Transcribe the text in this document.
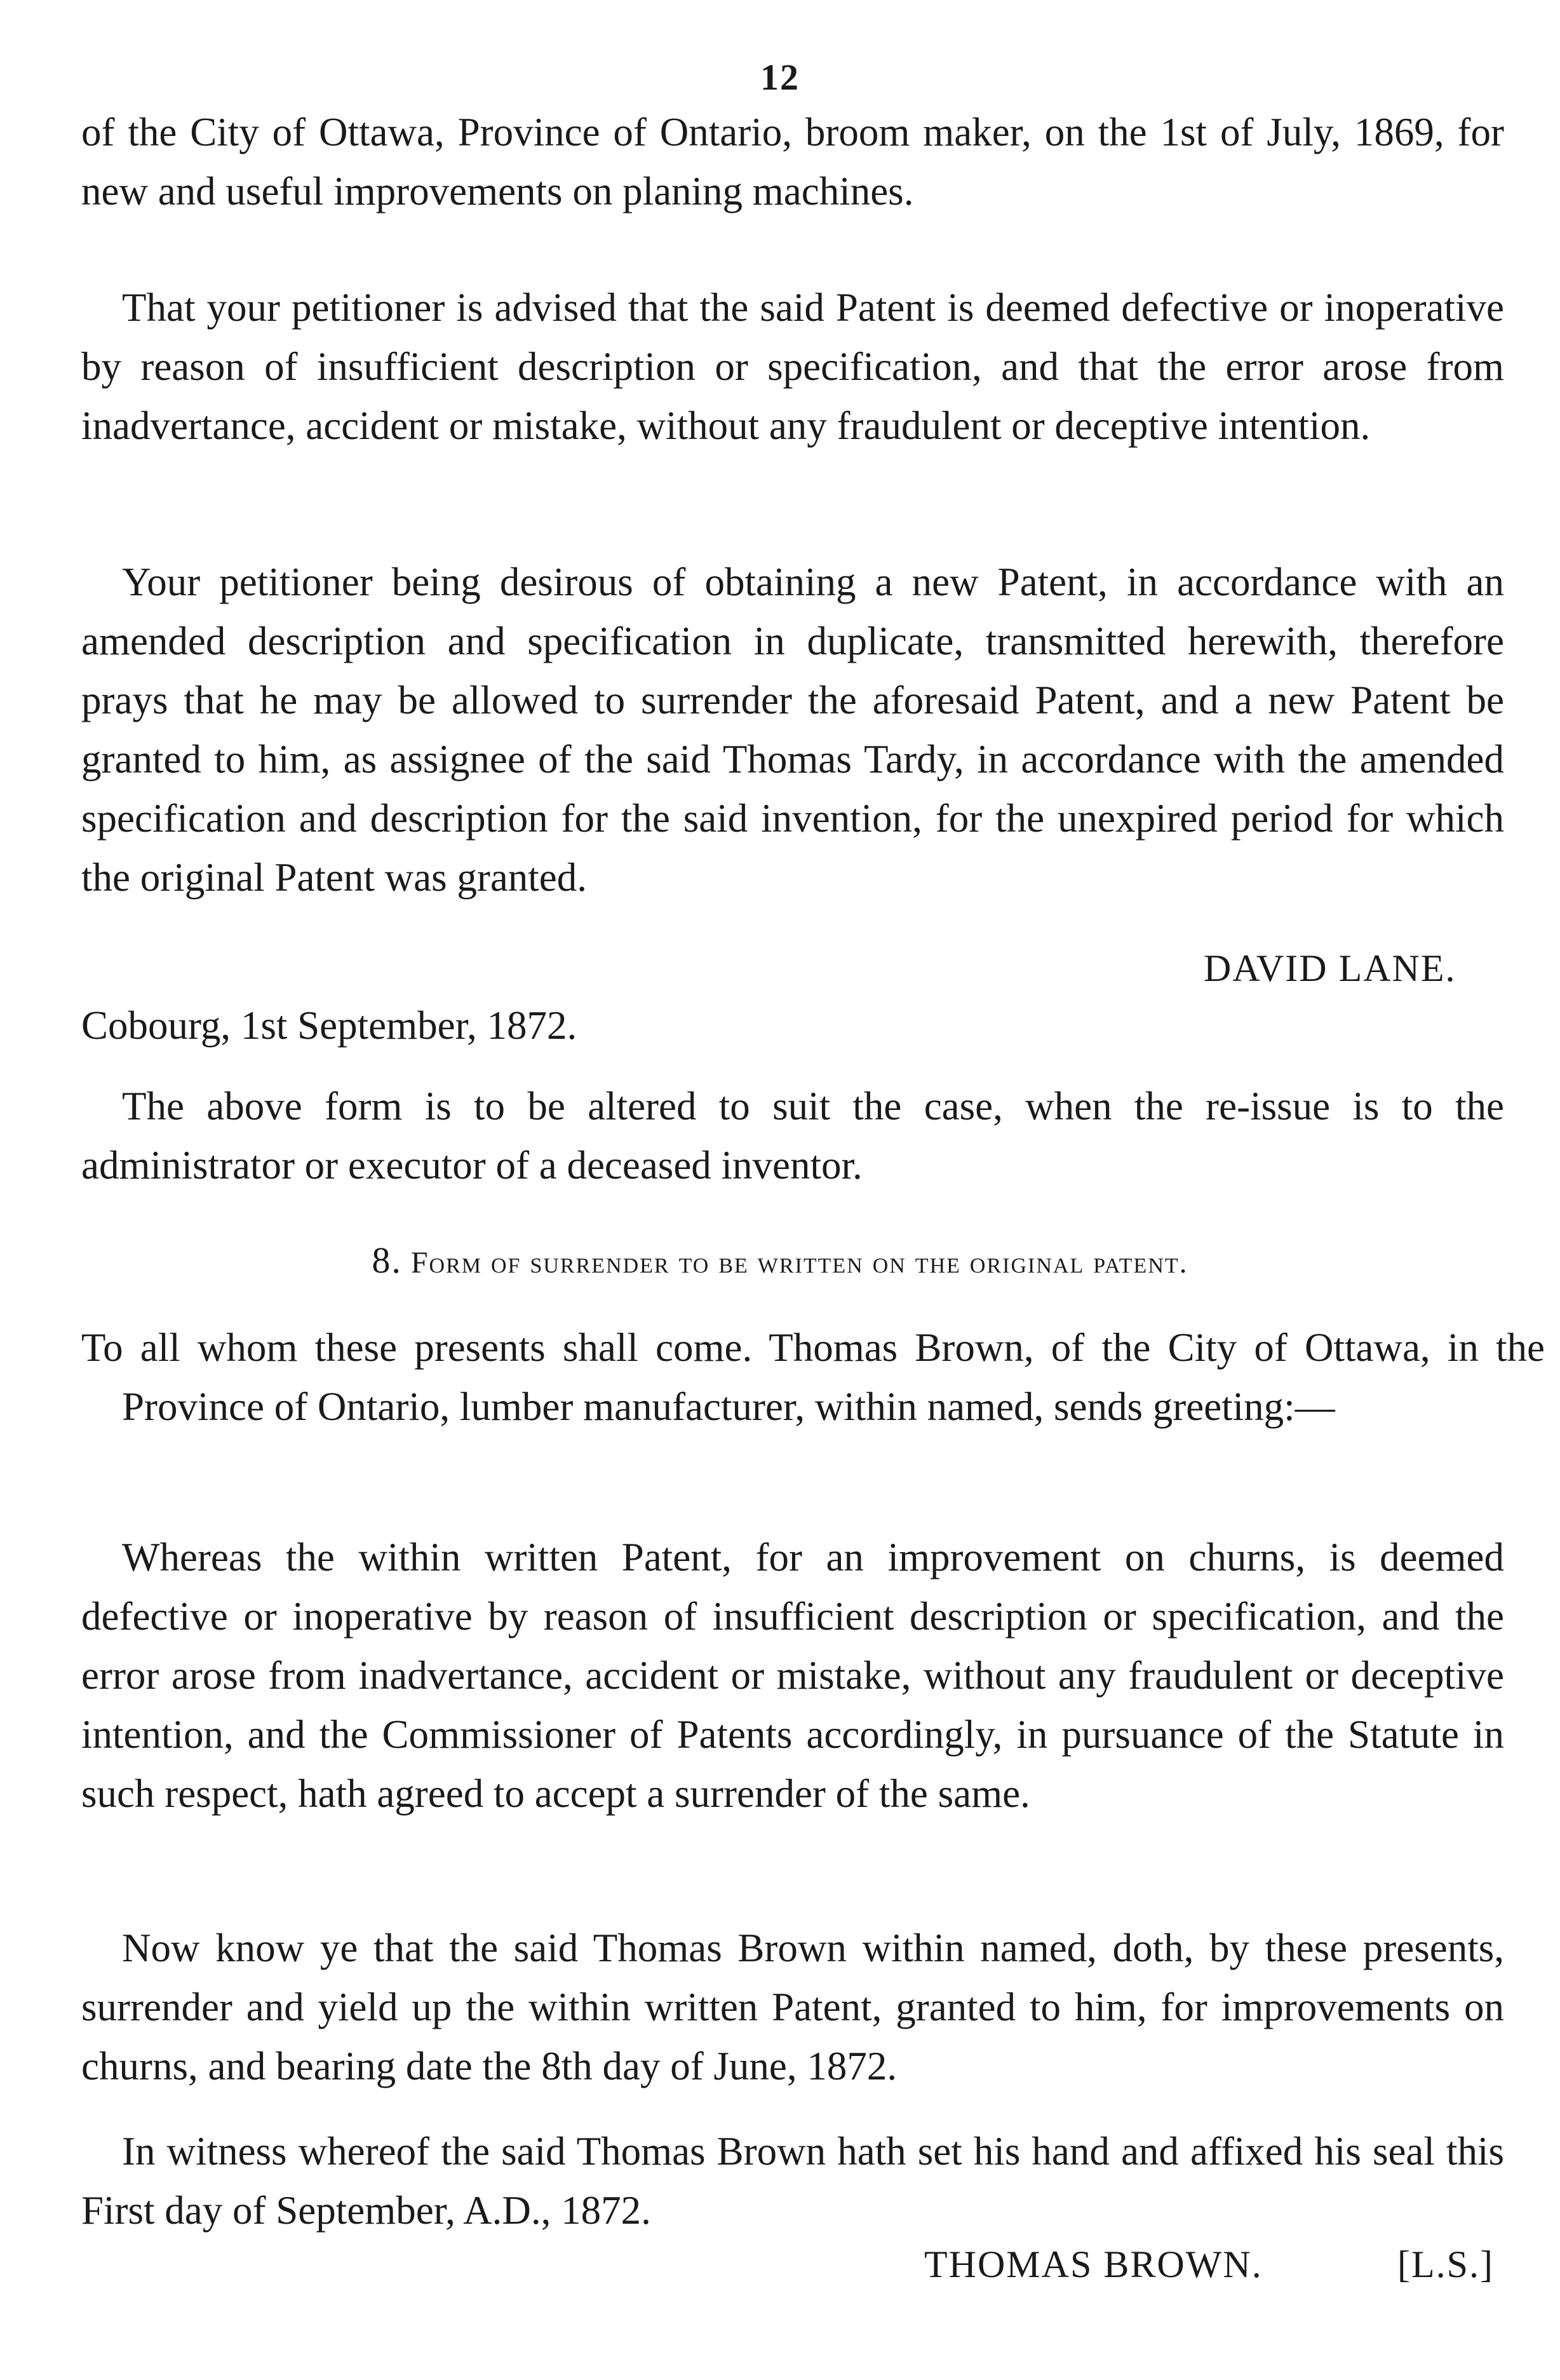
12

of the City of Ottawa, Province of Ontario, broom maker, on the 1st of July, 1869, for new and useful improvements on planing machines.

That your petitioner is advised that the said Patent is deemed defective or inoperative by reason of insufficient description or specification, and that the error arose from inadvertance, accident or mistake, without any fraudulent or deceptive intention.

Your petitioner being desirous of obtaining a new Patent, in accordance with an amended description and specification in duplicate, transmitted herewith, therefore prays that he may be allowed to surrender the aforesaid Patent, and a new Patent be granted to him, as assignee of the said Thomas Tardy, in accordance with the amended specification and description for the said invention, for the unexpired period for which the original Patent was granted.

DAVID LANE.
Cobourg, 1st September, 1872.

The above form is to be altered to suit the case, when the re-issue is to the administrator or executor of a deceased inventor.

8. Form of surrender to be written on the original patent.

To all whom these presents shall come. Thomas Brown, of the City of Ottawa, in the Province of Ontario, lumber manufacturer, within named, sends greeting:—

Whereas the within written Patent, for an improvement on churns, is deemed defective or inoperative by reason of insufficient description or specification, and the error arose from inadvertance, accident or mistake, without any fraudulent or deceptive intention, and the Commissioner of Patents accordingly, in pursuance of the Statute in such respect, hath agreed to accept a surrender of the same.

Now know ye that the said Thomas Brown within named, doth, by these presents, surrender and yield up the within written Patent, granted to him, for improvements on churns, and bearing date the 8th day of June, 1872.

In witness whereof the said Thomas Brown hath set his hand and affixed his seal this First day of September, A.D., 1872.

THOMAS BROWN.	[L.S.]
